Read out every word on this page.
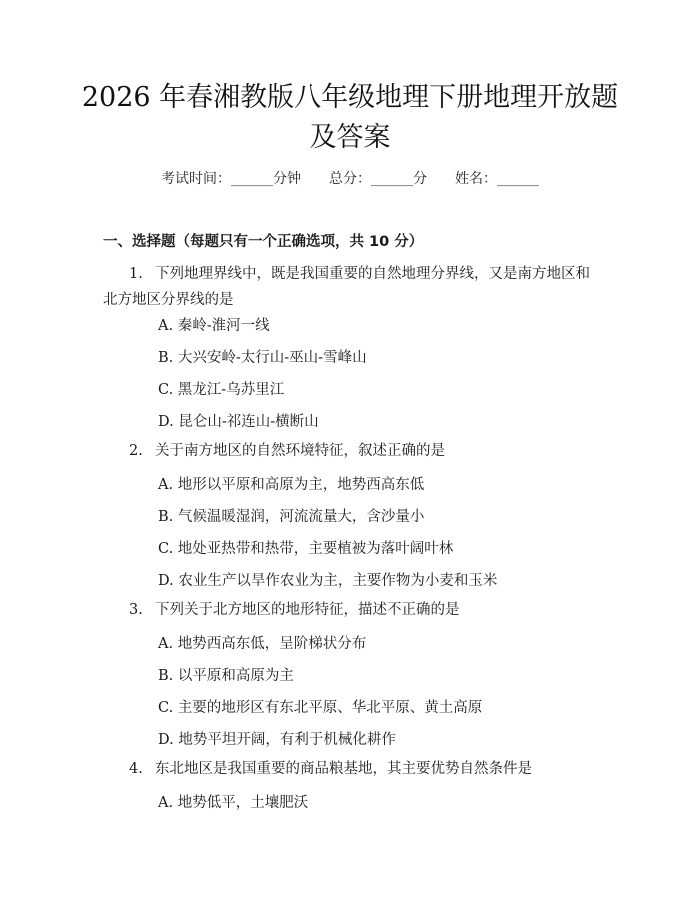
2026 年春湘教版八年级地理下册地理开放题
及答案
考试时间：______分钟 总分：______分 姓名：______
一、选择题（每题只有一个正确选项，共 10 分）
1. 下列地理界线中，既是我国重要的自然地理分界线，又是南方地区和北方地区分界线的是
A. 秦岭-淮河一线
B. 大兴安岭-太行山-巫山-雪峰山
C. 黑龙江-乌苏里江
D. 昆仑山-祁连山-横断山
2. 关于南方地区的自然环境特征，叙述正确的是
A. 地形以平原和高原为主，地势西高东低
B. 气候温暖湿润，河流流量大，含沙量小
C. 地处亚热带和热带，主要植被为落叶阔叶林
D. 农业生产以旱作农业为主，主要作物为小麦和玉米
3. 下列关于北方地区的地形特征，描述不正确的是
A. 地势西高东低，呈阶梯状分布
B. 以平原和高原为主
C. 主要的地形区有东北平原、华北平原、黄土高原
D. 地势平坦开阔，有利于机械化耕作
4. 东北地区是我国重要的商品粮基地，其主要优势自然条件是
A. 地势低平，土壤肥沃
